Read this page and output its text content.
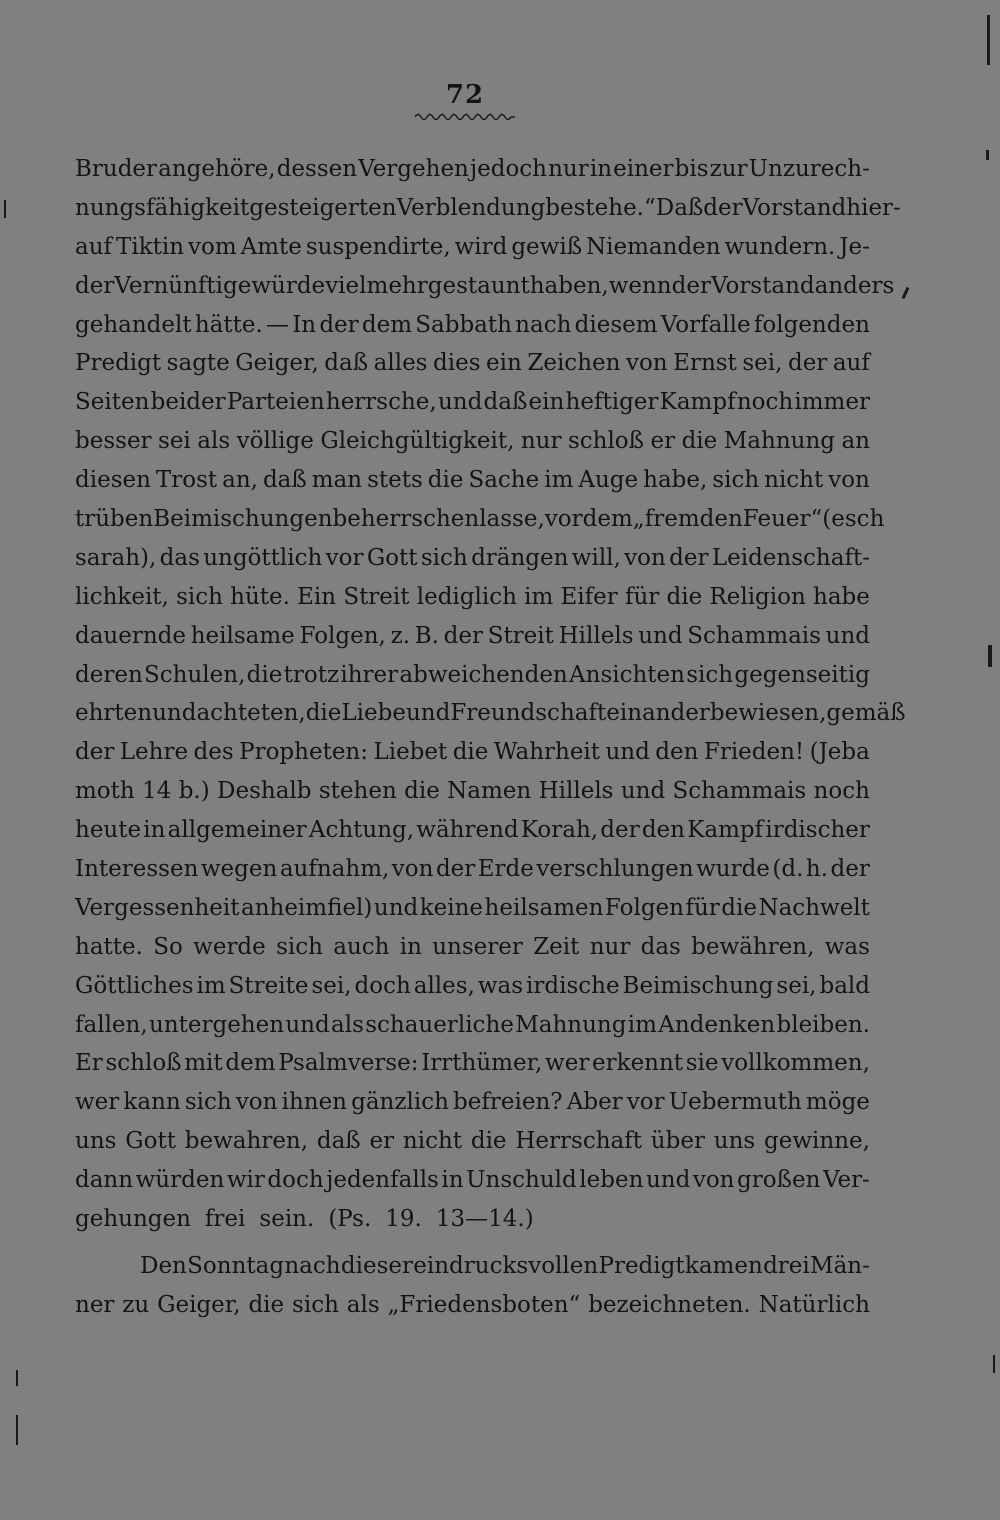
72
Bruder angehöre, dessen Vergehen jedoch nur in einer bis zur Unzurech-
nungsfähigkeit gesteigerten Verblendung bestehe.“ Daß der Vorstand hier-
auf Tiktin vom Amte suspendirte, wird gewiß Niemanden wundern. Je-
der Vernünftige würde vielmehr gestaunt haben, wenn der Vorstand anders
gehandelt hätte. — In der dem Sabbath nach diesem Vorfalle folgenden
Predigt sagte Geiger, daß alles dies ein Zeichen von Ernst sei, der auf
Seiten beider Parteien herrsche, und daß ein heftiger Kampf noch immer
besser sei als völlige Gleichgültigkeit, nur schloß er die Mahnung an
diesen Trost an, daß man stets die Sache im Auge habe, sich nicht von
trüben Beimischungen beherrschen lasse, vor dem „fremden Feuer“ (esch
sarah), das ungöttlich vor Gott sich drängen will, von der Leidenschaft-
lichkeit, sich hüte. Ein Streit lediglich im Eifer für die Religion habe
dauernde heilsame Folgen, z. B. der Streit Hillels und Schammais und
deren Schulen, die trotz ihrer abweichenden Ansichten sich gegenseitig
ehrten und achteten, die Liebe und Freundschaft einander bewiesen, gemäß
der Lehre des Propheten: Liebet die Wahrheit und den Frieden! (Jeba
moth 14 b.) Deshalb stehen die Namen Hillels und Schammais noch
heute in allgemeiner Achtung, während Korah, der den Kampf irdischer
Interessen wegen aufnahm, von der Erde verschlungen wurde (d. h. der
Vergessenheit anheimfiel) und keine heilsamen Folgen für die Nachwelt
hatte. So werde sich auch in unserer Zeit nur das bewähren, was
Göttliches im Streite sei, doch alles, was irdische Beimischung sei, bald
fallen, untergehen und als schauerliche Mahnung im Andenken bleiben.
Er schloß mit dem Psalmverse: Irrthümer, wer erkennt sie vollkommen,
wer kann sich von ihnen gänzlich befreien? Aber vor Uebermuth möge
uns Gott bewahren, daß er nicht die Herrschaft über uns gewinne,
dann würden wir doch jedenfalls in Unschuld leben und von großen Ver-
gehungen frei sein. (Ps. 19. 13—14.)
Den Sonntag nach dieser eindrucksvollen Predigt kamen drei Män-
ner zu Geiger, die sich als „Friedensboten“ bezeichneten. Natürlich
